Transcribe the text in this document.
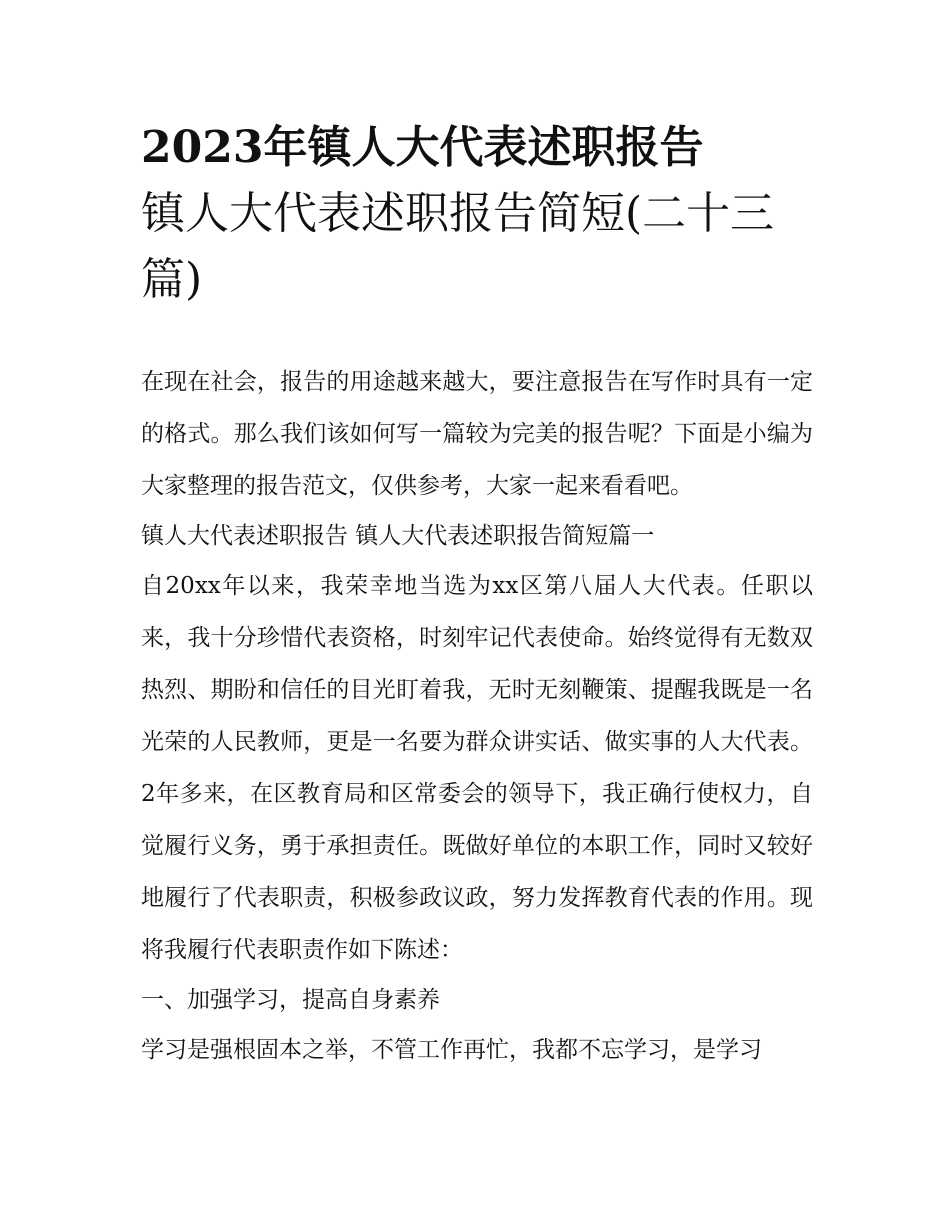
2023年镇人大代表述职报告
镇人大代表述职报告简短(二十三篇)

在现在社会，报告的用途越来越大，要注意报告在写作时具有一定的格式。那么我们该如何写一篇较为完美的报告呢？下面是小编为大家整理的报告范文，仅供参考，大家一起来看看吧。

镇人大代表述职报告 镇人大代表述职报告简短篇一

自20xx年以来，我荣幸地当选为xx区第八届人大代表。任职以来，我十分珍惜代表资格，时刻牢记代表使命。始终觉得有无数双热烈、期盼和信任的目光盯着我，无时无刻鞭策、提醒我既是一名光荣的人民教师，更是一名要为群众讲实话、做实事的人大代表。2年多来，在区教育局和区常委会的领导下，我正确行使权力，自觉履行义务，勇于承担责任。既做好单位的本职工作，同时又较好地履行了代表职责，积极参政议政，努力发挥教育代表的作用。现将我履行代表职责作如下陈述：

一、加强学习，提高自身素养

学习是强根固本之举，不管工作再忙，我都不忘学习，是学习
